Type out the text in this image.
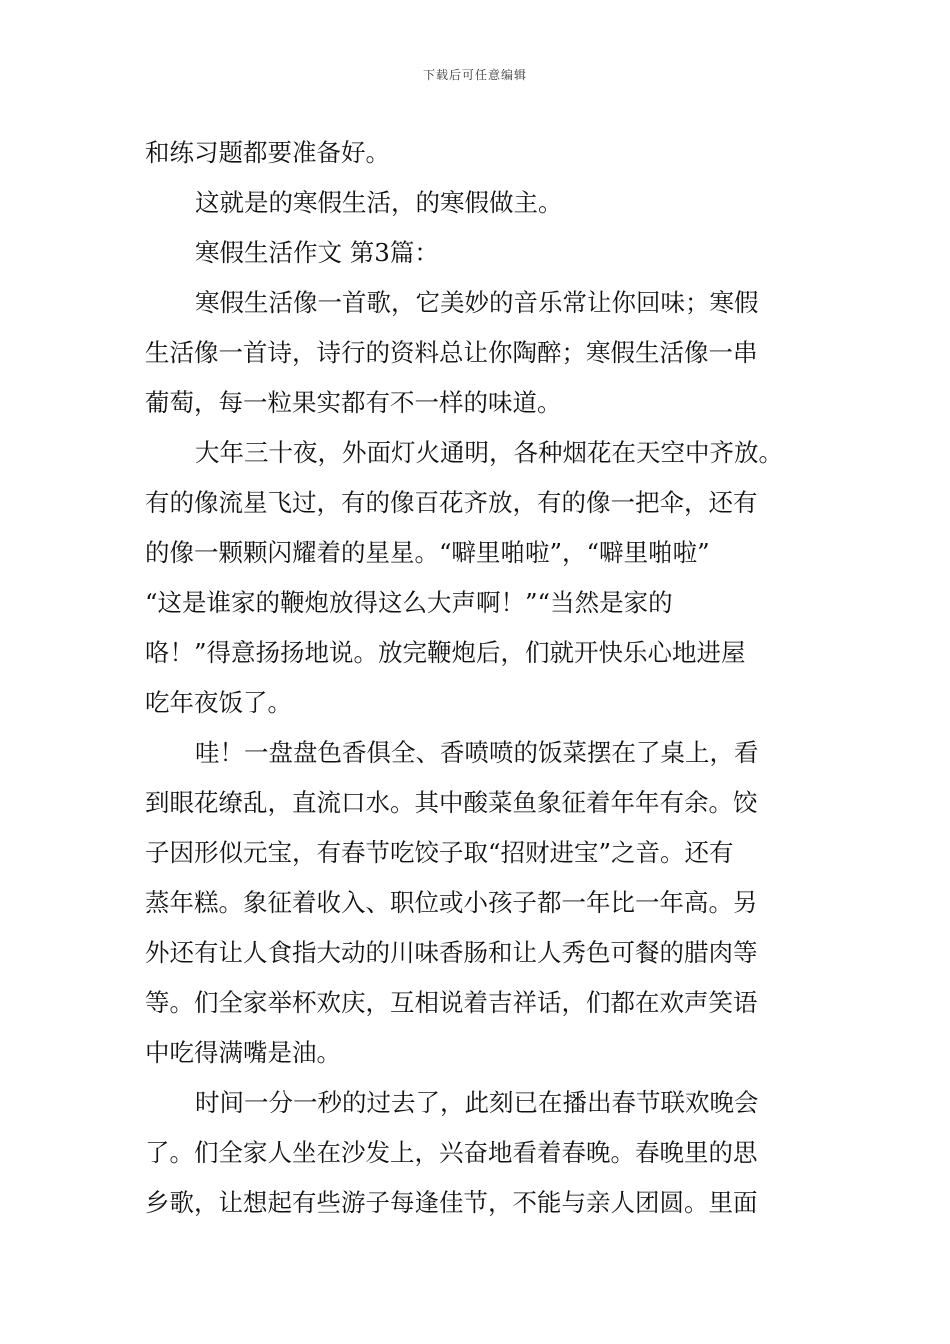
下载后可任意编辑
和练习题都要准备好。
这就是的寒假生活，的寒假做主。
寒假生活作文 第3篇：
寒假生活像一首歌，它美妙的音乐常让你回味；寒假
生活像一首诗，诗行的资料总让你陶醉；寒假生活像一串
葡萄，每一粒果实都有不一样的味道。
大年三十夜，外面灯火通明，各种烟花在天空中齐放。
有的像流星飞过，有的像百花齐放，有的像一把伞，还有
的像一颗颗闪耀着的星星。“噼里啪啦”，“噼里啪啦”
“这是谁家的鞭炮放得这么大声啊！”“当然是家的
咯！”得意扬扬地说。放完鞭炮后，们就开快乐心地进屋
吃年夜饭了。
哇！一盘盘色香俱全、香喷喷的饭菜摆在了桌上，看
到眼花缭乱，直流口水。其中酸菜鱼象征着年年有余。饺
子因形似元宝，有春节吃饺子取“招财进宝”之音。还有
蒸年糕。象征着收入、职位或小孩子都一年比一年高。另
外还有让人食指大动的川味香肠和让人秀色可餐的腊肉等
等。们全家举杯欢庆，互相说着吉祥话，们都在欢声笑语
中吃得满嘴是油。
时间一分一秒的过去了，此刻已在播出春节联欢晚会
了。们全家人坐在沙发上，兴奋地看着春晚。春晚里的思
乡歌，让想起有些游子每逢佳节，不能与亲人团圆。里面
